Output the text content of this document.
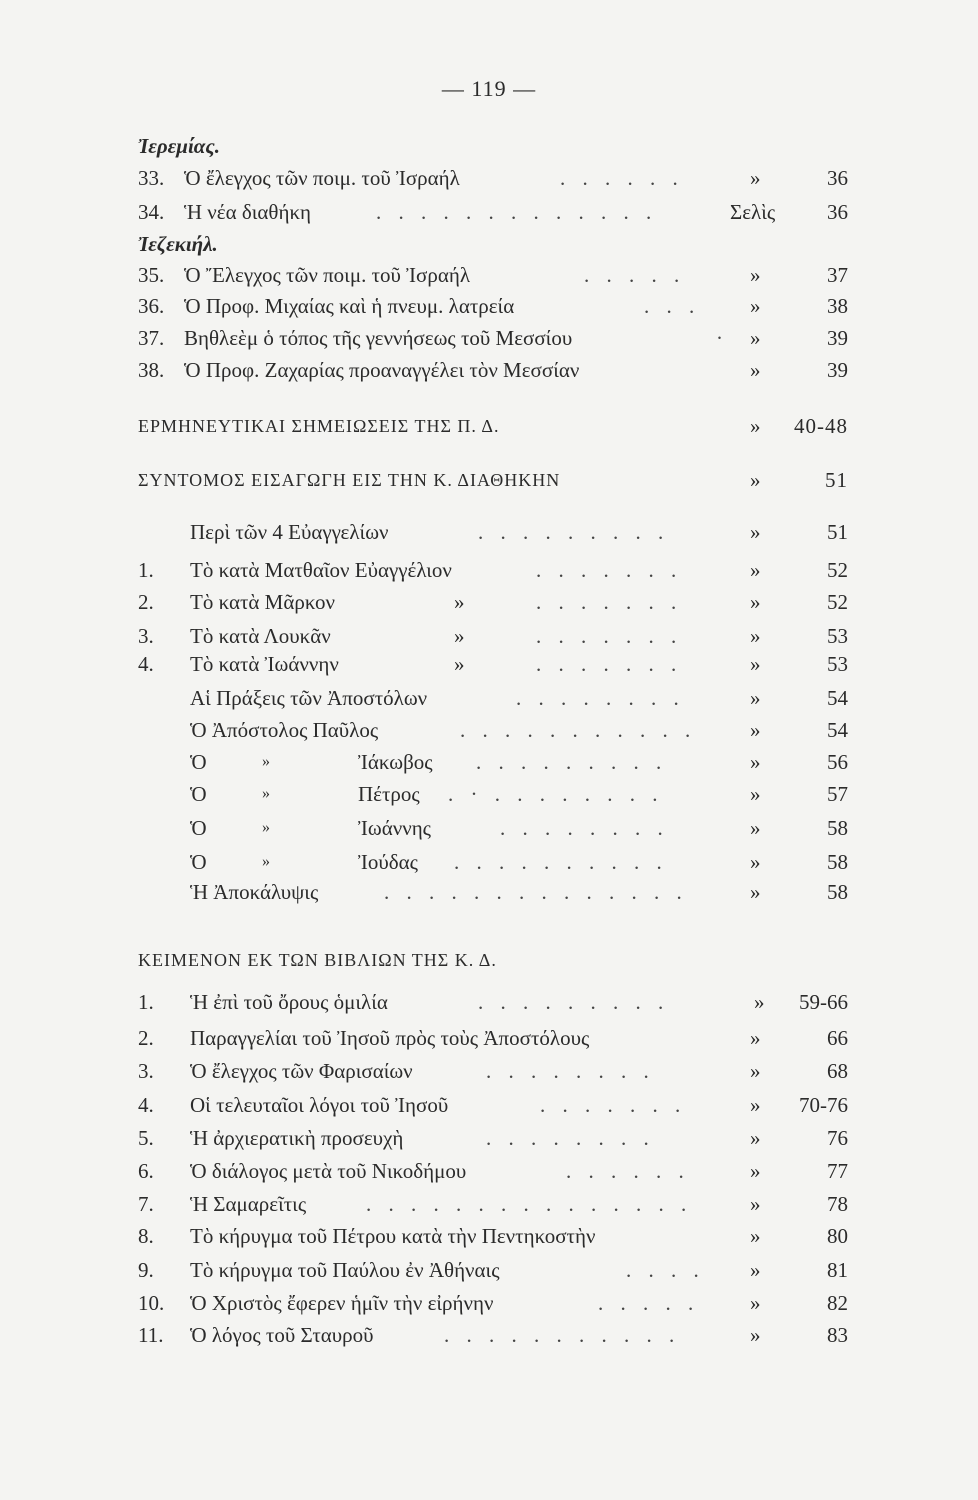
— 119 —
Ἰερεμίας.
33. Ὁ ἔλεγχος τῶν ποιμ. τοῦ Ἰσραήλ	. . . . . .	»	36
34. Ἡ νέα διαθήκη	. . . . . . . . . . . . .	Σελὶς 36
Ἰεζεκιήλ.
35. Ὁ Ἔλεγχος τῶν ποιμ. τοῦ Ἰσραήλ	. . . . .	»	37
36. Ὁ Προφ. Μιχαίας καὶ ἡ πνευμ. λατρεία	. . . »	38
37. Βηθλεὲμ ὁ τόπος τῆς γεννήσεως τοῦ Μεσσίου	· »	39
38. Ὁ Προφ. Ζαχαρίας προαναγγέλει τὸν Μεσσίαν	»	39
ΕΡΜΗΝΕΥΤΙΚΑΙ ΣΗΜΕΙΩΣΕΙΣ ΤΗΣ Π. Δ.	» 40-48
ΣΥΝΤΟΜΟΣ ΕΙΣΑΓΩΓΗ ΕΙΣ ΤΗΝ Κ. ΔΙΑΘΗΚΗΝ	»	51
Περὶ τῶν 4 Εὐαγγελίων	. . . . . . . . .	»	51
1. Τὸ κατὰ Ματθαῖον Εὐαγγέλιον	. . . . . . .	»	52
2. Τὸ κατὰ Μᾶρκον	»	. . . . . . .	»	52
3. Τὸ κατὰ Λουκᾶν	»	. . . . . . .	»	53
4. Τὸ κατὰ Ἰωάννην	»	. . . . . . .	»	53
Αἱ Πράξεις τῶν Ἀποστόλων	. . . . . . . .	»	54
Ὁ Ἀπόστολος Παῦλος	. . . . . . . . . . .	»	54
Ὁ	»	Ἰάκωβος . . . . . . . . .	»	56
Ὁ	»	Πέτρος . · . . . . . . . .	»	57
Ὁ	»	Ἰωάννης	. . . . . . . .	»	58
Ὁ	»	Ἰούδας . . . . . . . . . .	»	58
Ἡ Ἀποκάλυψις	. . . . . . . . . . . . . .	»	58
ΚΕΙΜΕΝΟΝ ΕΚ ΤΩΝ ΒΙΒΛΙΩΝ ΤΗΣ Κ. Δ.
1. Ἡ ἐπὶ τοῦ ὄρους ὁμιλία	. . . . . . . . .	» 59-66
2. Παραγγελίαι τοῦ Ἰησοῦ πρὸς τοὺς Ἀποστόλους	»	66
3. Ὁ ἔλεγχος τῶν Φαρισαίων	. . . . . . . .	»	68
4. Οἱ τελευταῖοι λόγοι τοῦ Ἰησοῦ	. . . . . . .	» 70-76
5. Ἡ ἀρχιερατικὴ προσευχὴ	. . . . . . . .	»	76
6. Ὁ διάλογος μετὰ τοῦ Νικοδήμου	. . . . . .	»	77
7. Ἡ Σαμαρεῖτις	. . . . . . . . . . . . . . .	»	78
8. Τὸ κήρυγμα τοῦ Πέτρου κατὰ τὴν Πεντηκοστὴν	»	80
9. Τὸ κήρυγμα τοῦ Παύλου ἐν Ἀθήναις	. . . . »	81
10. Ὁ Χριστὸς ἔφερεν ἡμῖν τὴν εἰρήνην	. . . . . »	82
11. Ὁ λόγος τοῦ Σταυροῦ	. . . . . . . . . . .	»	83
